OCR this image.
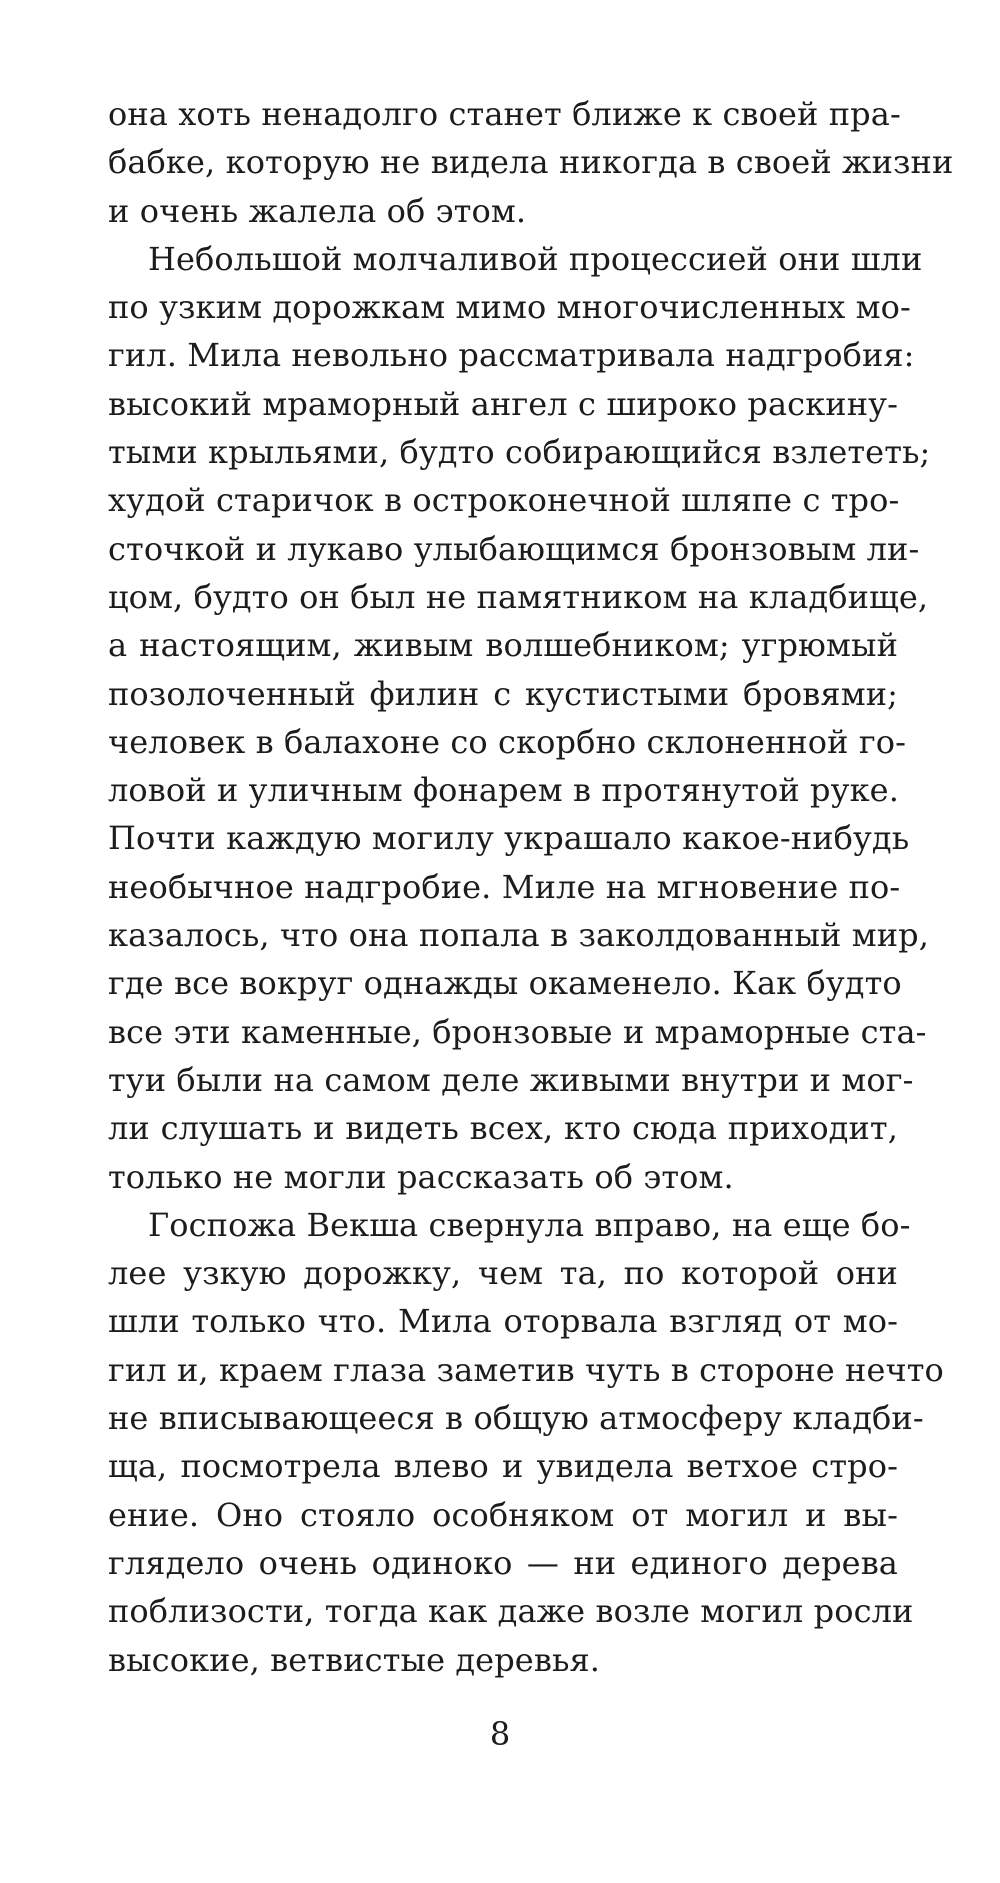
она хоть ненадолго станет ближе к своей пра-
бабке, которую не видела никогда в своей жизни
и очень жалела об этом.
Небольшой молчаливой процессией они шли
по узким дорожкам мимо многочисленных мо-
гил. Мила невольно рассматривала надгробия:
высокий мраморный ангел с широко раскину-
тыми крыльями, будто собирающийся взлететь;
худой старичок в остроконечной шляпе с тро-
сточкой и лукаво улыбающимся бронзовым ли-
цом, будто он был не памятником на кладбище,
а настоящим, живым волшебником; угрюмый
позолоченный филин с кустистыми бровями;
человек в балахоне со скорбно склоненной го-
ловой и уличным фонарем в протянутой руке.
Почти каждую могилу украшало какое-нибудь
необычное надгробие. Миле на мгновение по-
казалось, что она попала в заколдованный мир,
где все вокруг однажды окаменело. Как будто
все эти каменные, бронзовые и мраморные ста-
туи были на самом деле живыми внутри и мог-
ли слушать и видеть всех, кто сюда приходит,
только не могли рассказать об этом.
Госпожа Векша свернула вправо, на еще бо-
лее узкую дорожку, чем та, по которой они
шли только что. Мила оторвала взгляд от мо-
гил и, краем глаза заметив чуть в стороне нечто
не вписывающееся в общую атмосферу кладби-
ща, посмотрела влево и увидела ветхое стро-
ение. Оно стояло особняком от могил и вы-
глядело очень одиноко — ни единого дерева
поблизости, тогда как даже возле могил росли
высокие, ветвистые деревья.
8
